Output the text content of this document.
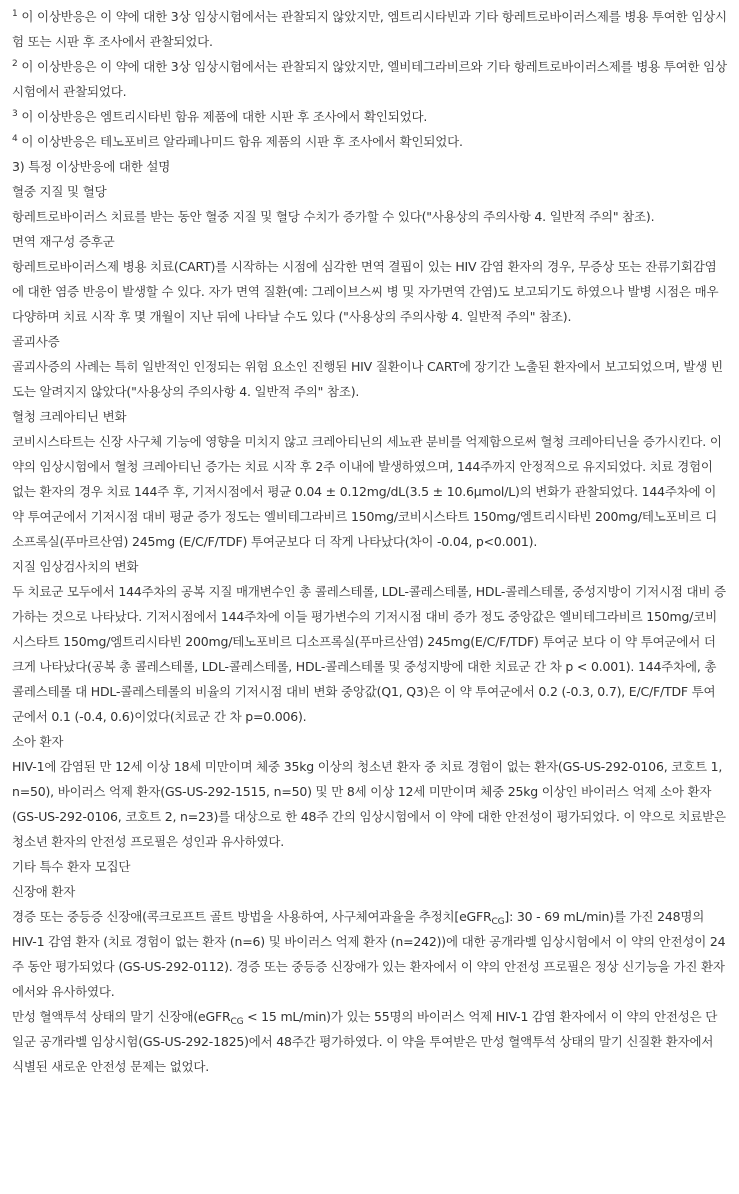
$^1$ 이 이상반응은 이 약에 대한 3상 임상시험에서는 관찰되지 않았지만, 엠트리시타빈과 기타 항레트로바이러스제를 병용 투여한 임상시험 또는 시판 후 조사에서 관찰되었다.

$^2$ 이 이상반응은 이 약에 대한 3상 임상시험에서는 관찰되지 않았지만, 엘비테그라비르와 기타 항레트로바이러스제를 병용 투여한 임상시험에서 관찰되었다.

$^3$ 이 이상반응은 엠트리시타빈 함유 제품에 대한 시판 후 조사에서 확인되었다.

$^4$ 이 이상반응은 테노포비르 알라페나미드 함유 제품의 시판 후 조사에서 확인되었다.

3) 특정 이상반응에 대한 설명

혈중 지질 및 혈당

항레트로바이러스 치료를 받는 동안 혈중 지질 및 혈당 수치가 증가할 수 있다("사용상의 주의사항 4. 일반적 주의" 참조).

면역 재구성 증후군

항레트로바이러스제 병용 치료(CART)를 시작하는 시점에 심각한 면역 결핍이 있는 HIV 감염 환자의 경우, 무증상 또는 잔류기회감염에 대한 염증 반응이 발생할 수 있다. 자가 면역 질환(예: 그레이브스씨 병 및 자가면역 간염)도 보고되기도 하였으나 발병 시점은 매우 다양하며 치료 시작 후 몇 개월이 지난 뒤에 나타날 수도 있다 ("사용상의 주의사항 4. 일반적 주의" 참조).

골괴사증

골괴사증의 사례는 특히 일반적인 인정되는 위험 요소인 진행된 HIV 질환이나 CART에 장기간 노출된 환자에서 보고되었으며, 발생 빈도는 알려지지 않았다("사용상의 주의사항 4. 일반적 주의" 참조).

혈청 크레아티닌 변화

코비시스타트는 신장 사구체 기능에 영향을 미치지 않고 크레아티닌의 세뇨관 분비를 억제함으로써 혈청 크레아티닌을 증가시킨다. 이 약의 임상시험에서 혈청 크레아티닌 증가는 치료 시작 후 2주 이내에 발생하였으며, 144주까지 안정적으로 유지되었다. 치료 경험이 없는 환자의 경우 치료 144주 후, 기저시점에서 평균 0.04 ± 0.12mg/dL(3.5 ± 10.6μmol/L)의 변화가 관찰되었다. 144주차에 이 약 투여군에서 기저시점 대비 평균 증가 정도는 엘비테그라비르 150mg/코비시스타트 150mg/엠트리시타빈 200mg/테노포비르 디소프록실(푸마르산염) 245mg (E/C/F/TDF) 투여군보다 더 작게 나타났다(차이 -0.04, p<0.001).

지질 임상검사치의 변화

두 치료군 모두에서 144주차의 공복 지질 매개변수인 총 콜레스테롤, LDL-콜레스테롤, HDL-콜레스테롤, 중성지방이 기저시점 대비 증가하는 것으로 나타났다. 기저시점에서 144주차에 이들 평가변수의 기저시점 대비 증가 정도 중앙값은 엘비테그라비르 150mg/코비시스타트 150mg/엠트리시타빈 200mg/테노포비르 디소프록실(푸마르산염) 245mg(E/C/F/TDF) 투여군 보다 이 약 투여군에서 더 크게 나타났다(공복 총 콜레스테롤, LDL-콜레스테롤, HDL-콜레스테롤 및 중성지방에 대한 치료군 간 차 p < 0.001). 144주차에, 총 콜레스테롤 대 HDL-콜레스테롤의 비율의 기저시점 대비 변화 중앙값(Q1, Q3)은 이 약 투여군에서 0.2 (-0.3, 0.7), E/C/F/TDF 투여군에서 0.1 (-0.4, 0.6)이었다(치료군 간 차 p=0.006).

소아 환자

HIV-1에 감염된 만 12세 이상 18세 미만이며 체중 35kg 이상의 청소년 환자 중 치료 경험이 없는 환자(GS-US-292-0106, 코호트 1, n=50), 바이러스 억제 환자(GS-US-292-1515, n=50) 및 만 8세 이상 12세 미만이며 체중 25kg 이상인 바이러스 억제 소아 환자(GS-US-292-0106, 코호트 2, n=23)를 대상으로 한 48주 간의 임상시험에서 이 약에 대한 안전성이 평가되었다. 이 약으로 치료받은 청소년 환자의 안전성 프로필은 성인과 유사하였다.

기타 특수 환자 모집단

신장애 환자

경증 또는 중등증 신장애(콕크로프트 골트 방법을 사용하여, 사구체여과율을 추정치[eGFR$_{CG}$]: 30 - 69 mL/min)를 가진 248명의 HIV-1 감염 환자 (치료 경험이 없는 환자 (n=6) 및 바이러스 억제 환자 (n=242))에 대한 공개라벨 임상시험에서 이 약의 안전성이 24주 동안 평가되었다 (GS-US-292-0112). 경증 또는 중등증 신장애가 있는 환자에서 이 약의 안전성 프로필은 정상 신기능을 가진 환자에서와 유사하였다.

만성 혈액투석 상태의 말기 신장애(eGFR$_{CG}$ < 15 mL/min)가 있는 55명의 바이러스 억제 HIV-1 감염 환자에서 이 약의 안전성은 단일군 공개라벨 임상시험(GS-US-292-1825)에서 48주간 평가하였다. 이 약을 투여받은 만성 혈액투석 상태의 말기 신질환 환자에서 식별된 새로운 안전성 문제는 없었다.
